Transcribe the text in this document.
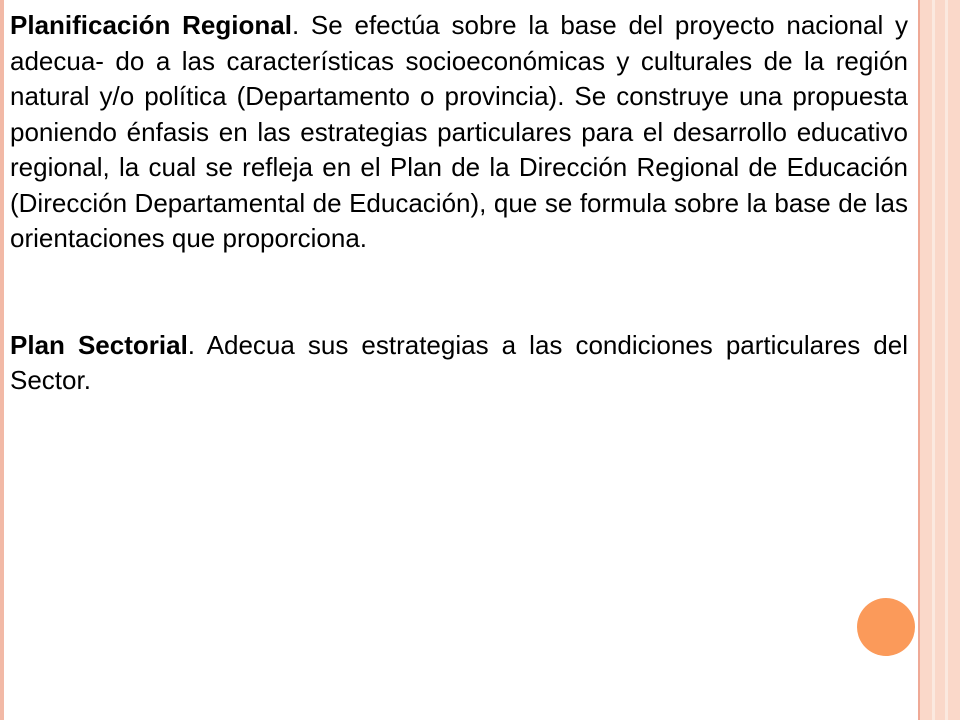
Planificación Regional. Se efectúa sobre la base del proyecto nacional y adecua- do a las características socioeconómicas y culturales de la región natural y/o política (Departamento o provincia). Se construye una propuesta poniendo énfasis en las estrategias particulares para el desarrollo educativo regional, la cual se refleja en el Plan de la Dirección Regional de Educación (Dirección Departamental de Educación), que se formula sobre la base de las orientaciones que proporciona.

Plan Sectorial. Adecua sus estrategias a las condiciones particulares del Sector.
